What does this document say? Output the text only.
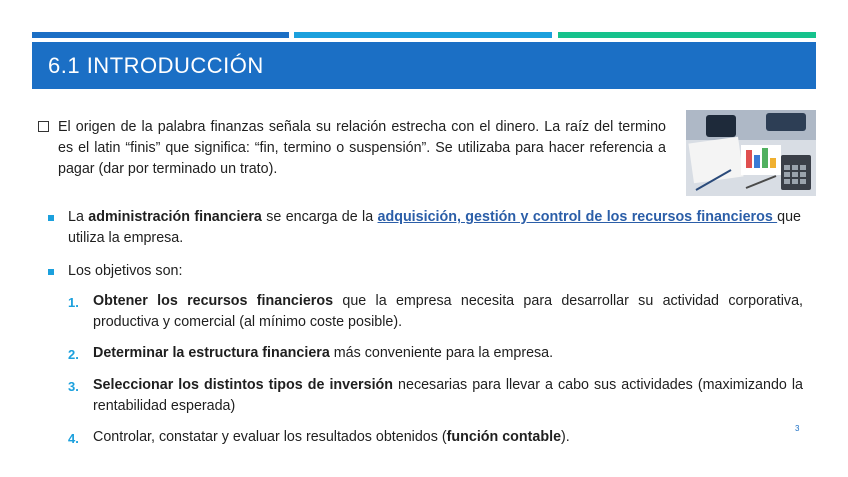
6.1 INTRODUCCIÓN

El origen de la palabra finanzas señala su relación estrecha con el dinero. La raíz del termino es el latin “finis” que significa: “fin, termino o suspensión”. Se utilizaba para hacer referencia a pagar (dar por terminado un trato).

La administración financiera se encarga de la adquisición, gestión y control de los recursos financieros que utiliza la empresa.
Los objetivos son:
1. Obtener los recursos financieros que la empresa necesita para desarrollar su actividad corporativa, productiva y comercial (al mínimo coste posible).
2. Determinar la estructura financiera más conveniente para la empresa.
3. Seleccionar los distintos tipos de inversión necesarias para llevar a cabo sus actividades (maximizando la rentabilidad esperada)
4. Controlar, constatar y evaluar los resultados obtenidos (función contable).
3
